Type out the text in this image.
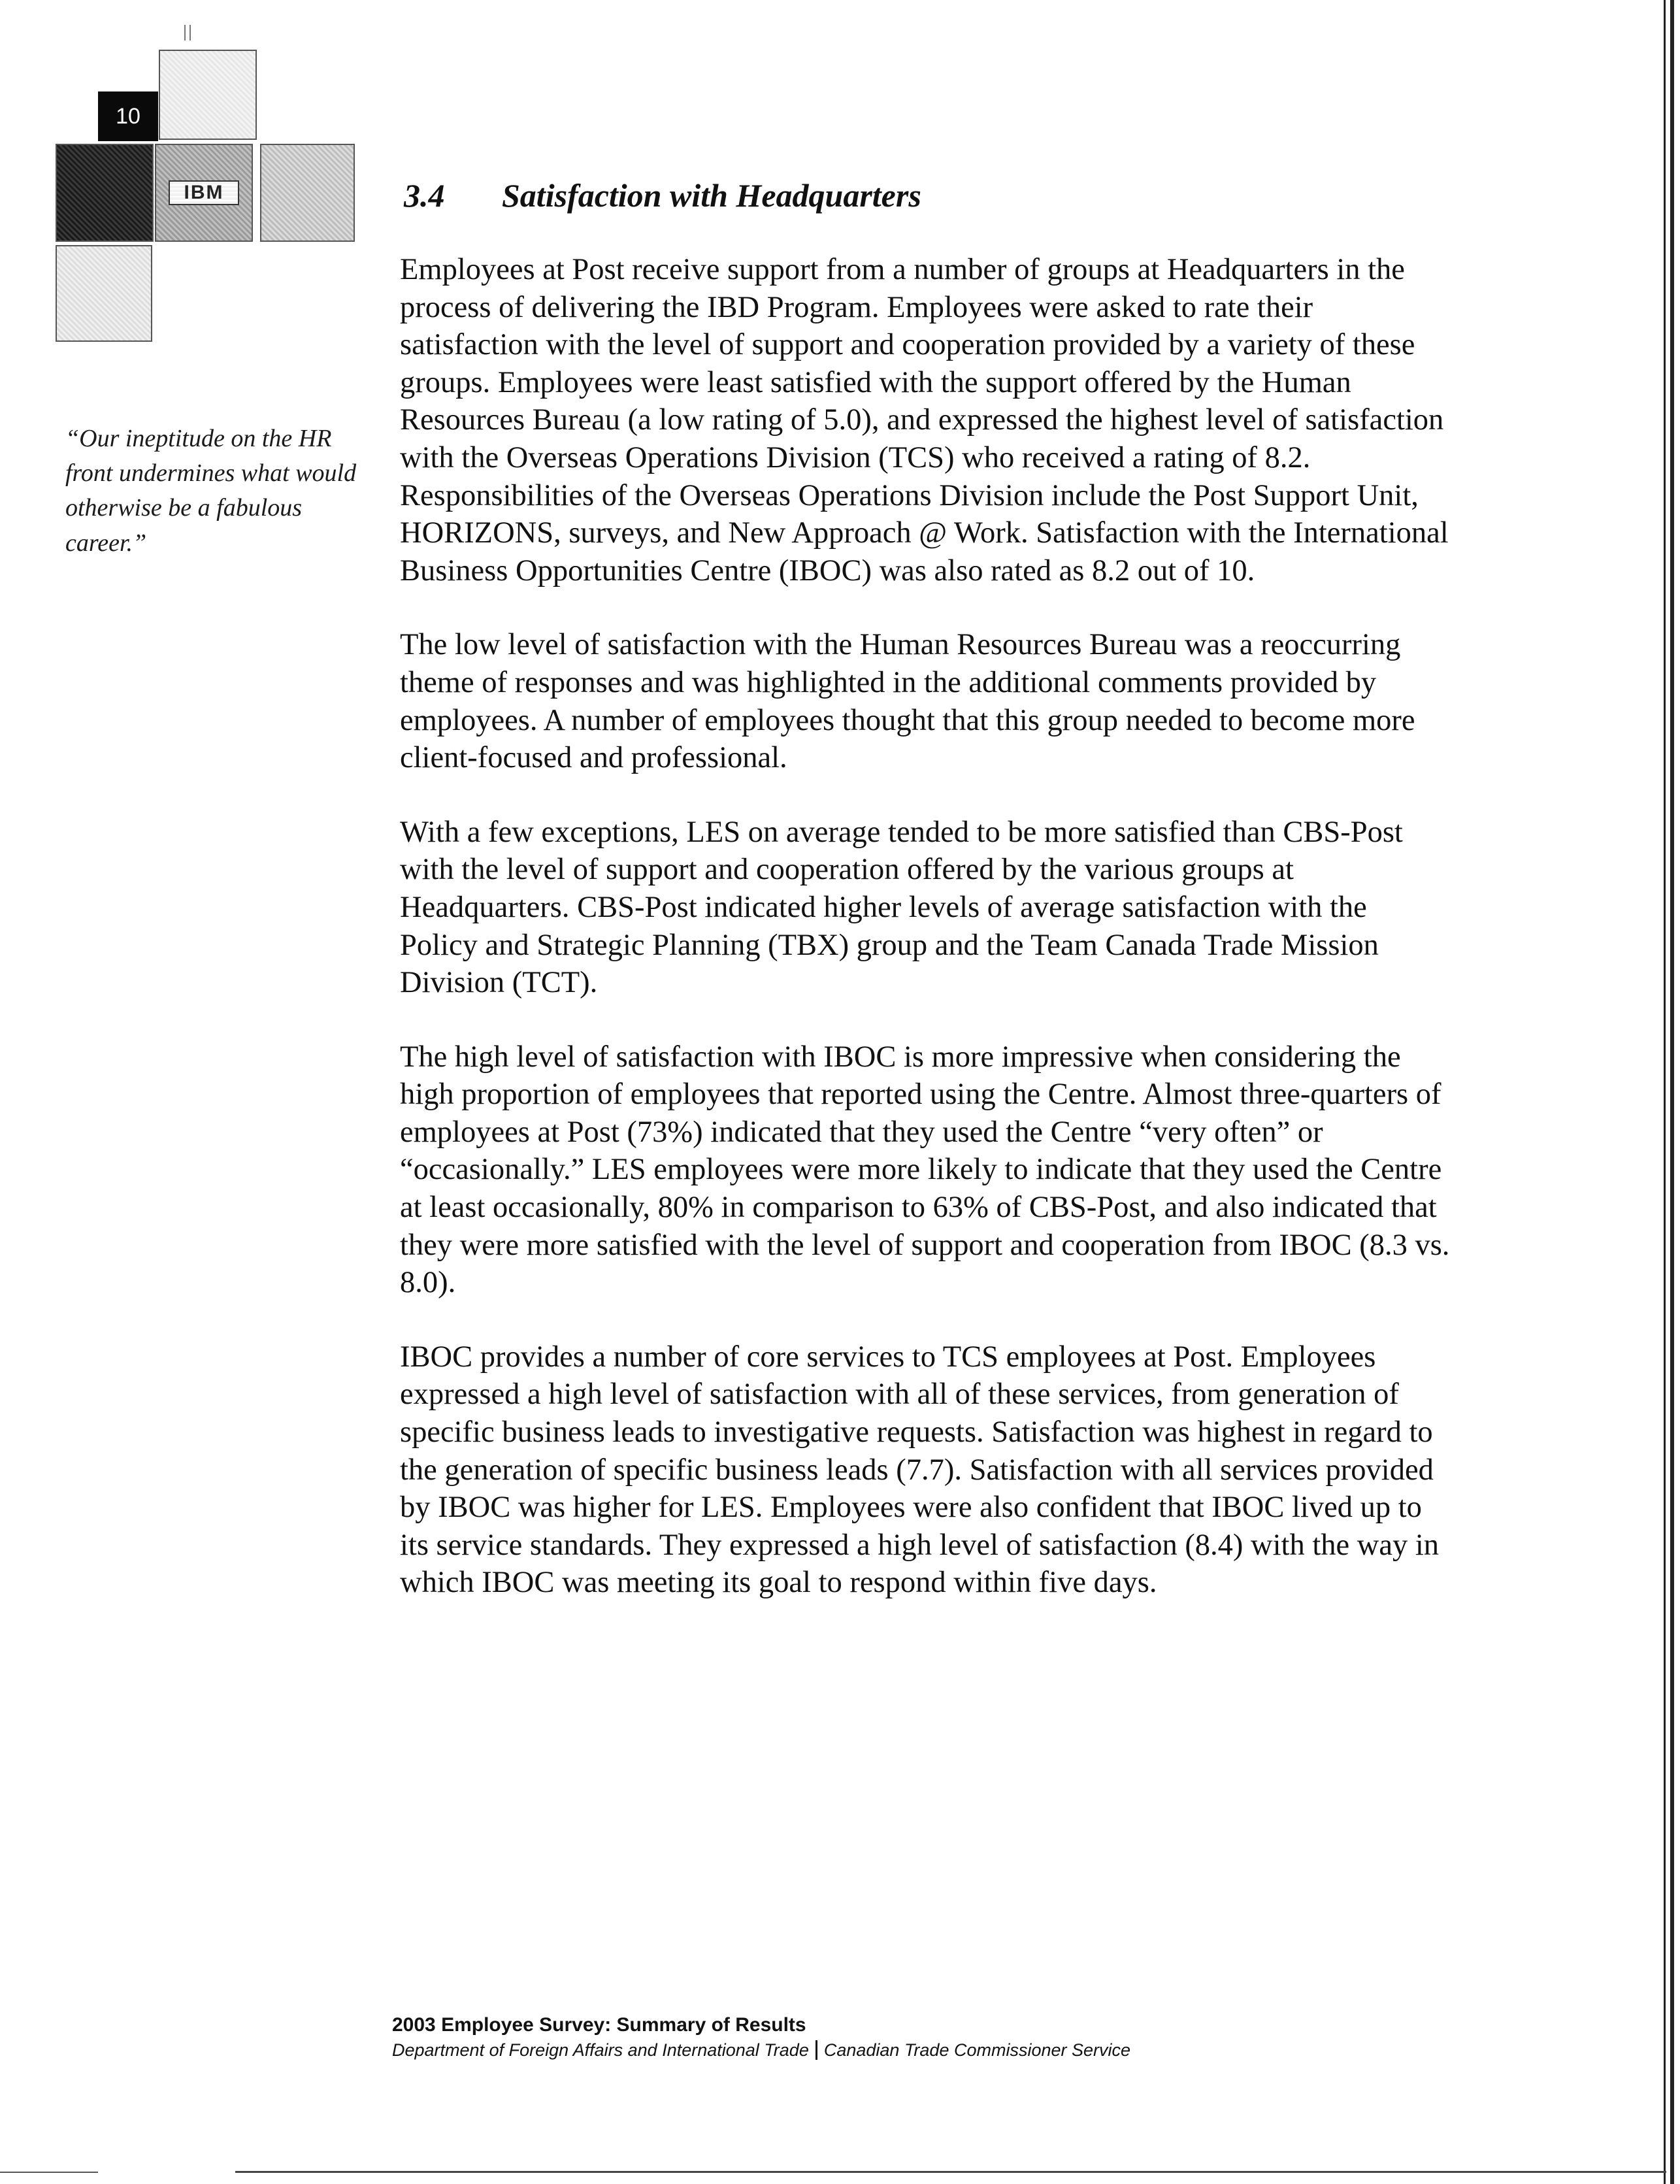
IBM
10
“Our ineptitude on the HR front undermines what would otherwise be a fabulous career.”
3.4 Satisfaction with Headquarters

Employees at Post receive support from a number of groups at Headquarters in the process of delivering the IBD Program. Employees were asked to rate their satisfaction with the level of support and cooperation provided by a variety of these groups. Employees were least satisfied with the support offered by the Human Resources Bureau (a low rating of 5.0), and expressed the highest level of satisfaction with the Overseas Operations Division (TCS) who received a rating of 8.2. Responsibilities of the Overseas Operations Division include the Post Support Unit, HORIZONS, surveys, and New Approach @ Work. Satisfaction with the International Business Opportunities Centre (IBOC) was also rated as 8.2 out of 10.

The low level of satisfaction with the Human Resources Bureau was a reoccurring theme of responses and was highlighted in the additional comments provided by employees. A number of employees thought that this group needed to become more client-focused and professional.

With a few exceptions, LES on average tended to be more satisfied than CBS-Post with the level of support and cooperation offered by the various groups at Headquarters. CBS-Post indicated higher levels of average satisfaction with the Policy and Strategic Planning (TBX) group and the Team Canada Trade Mission Division (TCT).

The high level of satisfaction with IBOC is more impressive when considering the high proportion of employees that reported using the Centre. Almost three-quarters of employees at Post (73%) indicated that they used the Centre “very often” or “occasionally.” LES employees were more likely to indicate that they used the Centre at least occasionally, 80% in comparison to 63% of CBS-Post, and also indicated that they were more satisfied with the level of support and cooperation from IBOC (8.3 vs. 8.0).

IBOC provides a number of core services to TCS employees at Post. Employees expressed a high level of satisfaction with all of these services, from generation of specific business leads to investigative requests. Satisfaction was highest in regard to the generation of specific business leads (7.7). Satisfaction with all services provided by IBOC was higher for LES. Employees were also confident that IBOC lived up to its service standards. They expressed a high level of satisfaction (8.4) with the way in which IBOC was meeting its goal to respond within five days.

2003 Employee Survey: Summary of Results
Department of Foreign Affairs and International Trade Canadian Trade Commissioner Service
